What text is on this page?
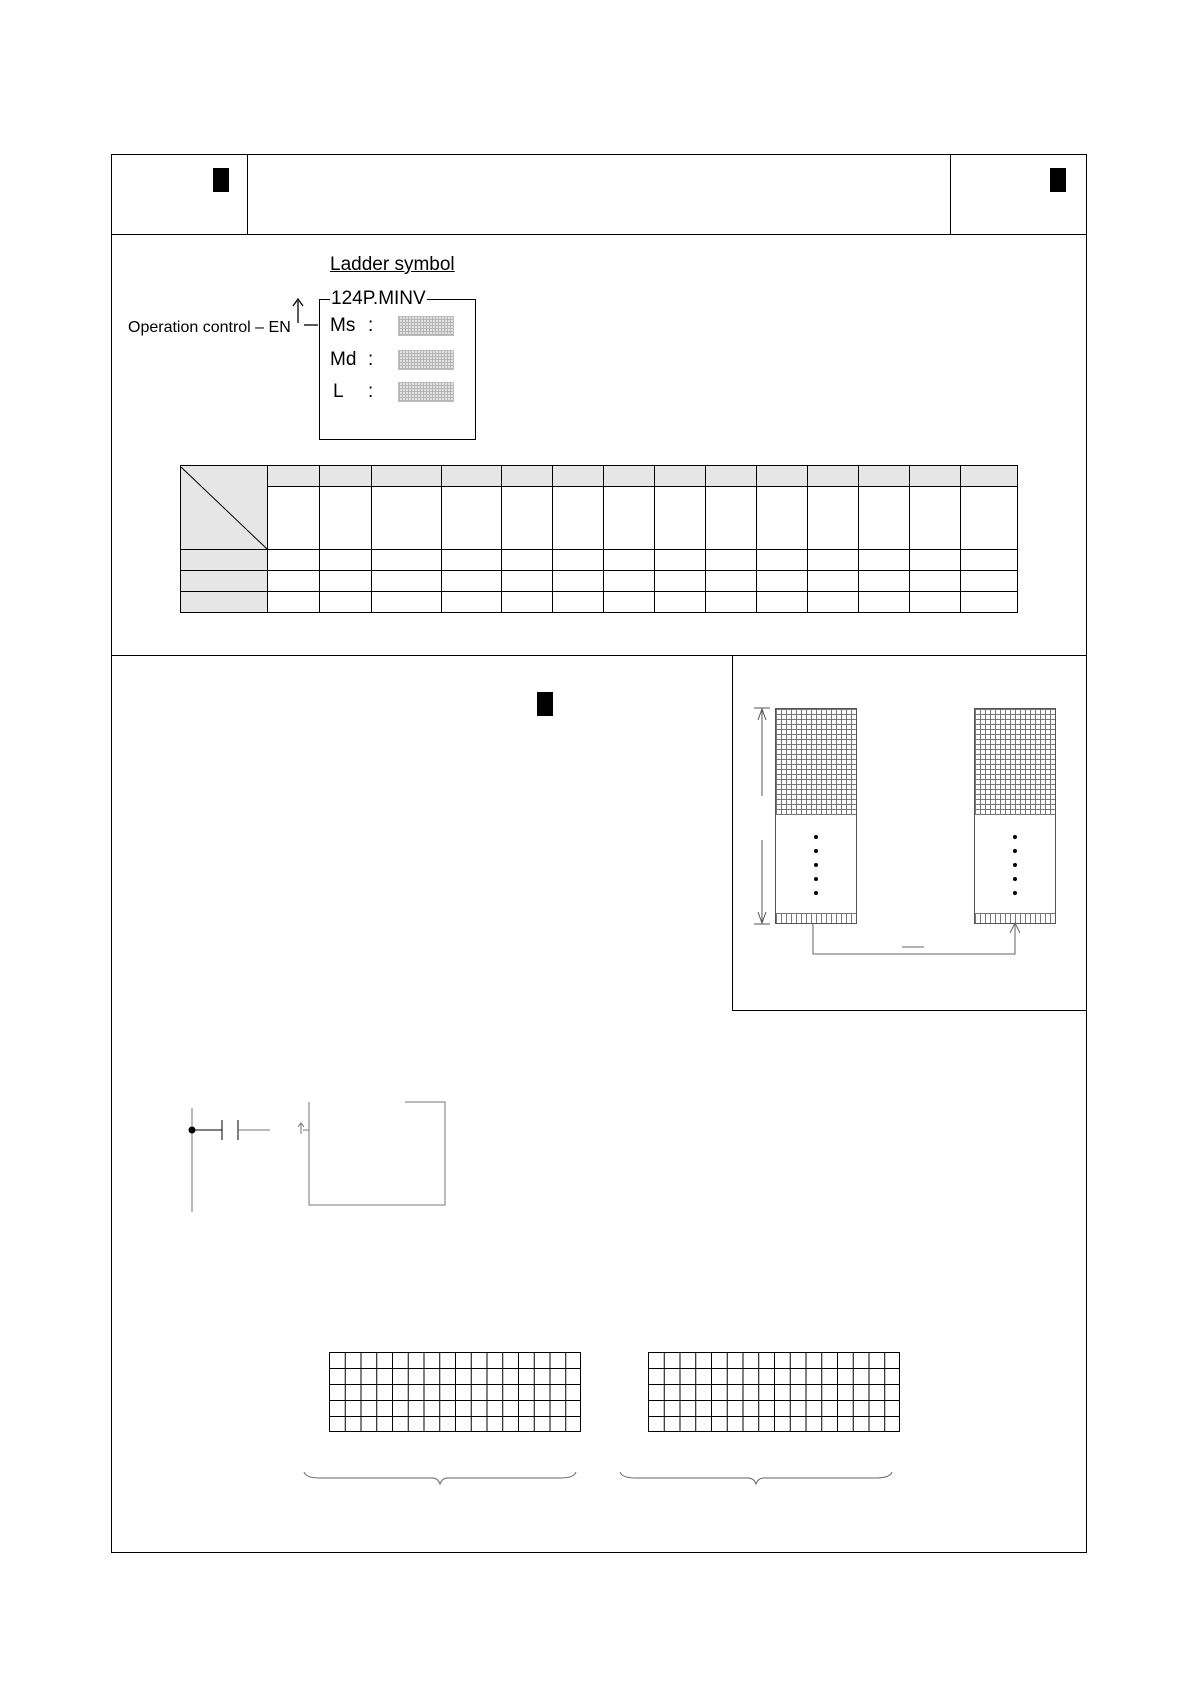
Ladder symbol
Operation control – EN
124P.MINV
Ms :
Md :
L :
